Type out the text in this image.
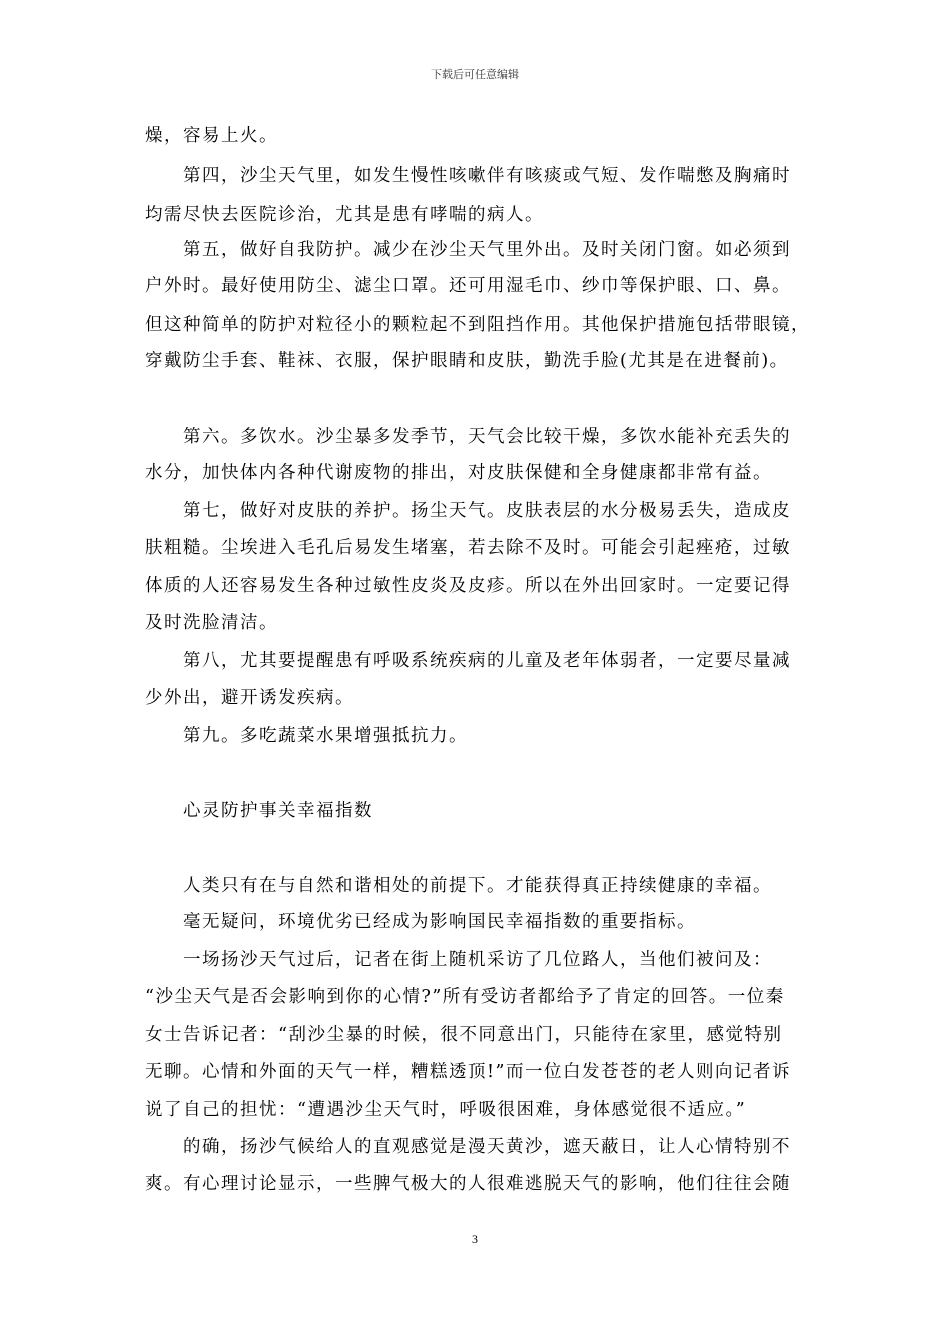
下载后可任意编辑
燥，容易上火。
第四，沙尘天气里，如发生慢性咳嗽伴有咳痰或气短、发作喘憋及胸痛时
均需尽快去医院诊治，尤其是患有哮喘的病人。
第五，做好自我防护。减少在沙尘天气里外出。及时关闭门窗。如必须到
户外时。最好使用防尘、滤尘口罩。还可用湿毛巾、纱巾等保护眼、口、鼻。
但这种简单的防护对粒径小的颗粒起不到阻挡作用。其他保护措施包括带眼镜，
穿戴防尘手套、鞋袜、衣服，保护眼睛和皮肤，勤洗手脸(尤其是在进餐前)。
第六。多饮水。沙尘暴多发季节，天气会比较干燥，多饮水能补充丢失的
水分，加快体内各种代谢废物的排出，对皮肤保健和全身健康都非常有益。
第七，做好对皮肤的养护。扬尘天气。皮肤表层的水分极易丢失，造成皮
肤粗糙。尘埃进入毛孔后易发生堵塞，若去除不及时。可能会引起痤疮，过敏
体质的人还容易发生各种过敏性皮炎及皮疹。所以在外出回家时。一定要记得
及时洗脸清洁。
第八，尤其要提醒患有呼吸系统疾病的儿童及老年体弱者，一定要尽量减
少外出，避开诱发疾病。
第九。多吃蔬菜水果增强抵抗力。
心灵防护事关幸福指数
人类只有在与自然和谐相处的前提下。才能获得真正持续健康的幸福。
毫无疑问，环境优劣已经成为影响国民幸福指数的重要指标。
一场扬沙天气过后，记者在街上随机采访了几位路人，当他们被问及：
“沙尘天气是否会影响到你的心情?”所有受访者都给予了肯定的回答。一位秦
女士告诉记者：“刮沙尘暴的时候，很不同意出门，只能待在家里，感觉特别
无聊。心情和外面的天气一样，糟糕透顶!”而一位白发苍苍的老人则向记者诉
说了自己的担忧：“遭遇沙尘天气时，呼吸很困难，身体感觉很不适应。”
的确，扬沙气候给人的直观感觉是漫天黄沙，遮天蔽日，让人心情特别不
爽。有心理讨论显示，一些脾气极大的人很难逃脱天气的影响，他们往往会随
3
